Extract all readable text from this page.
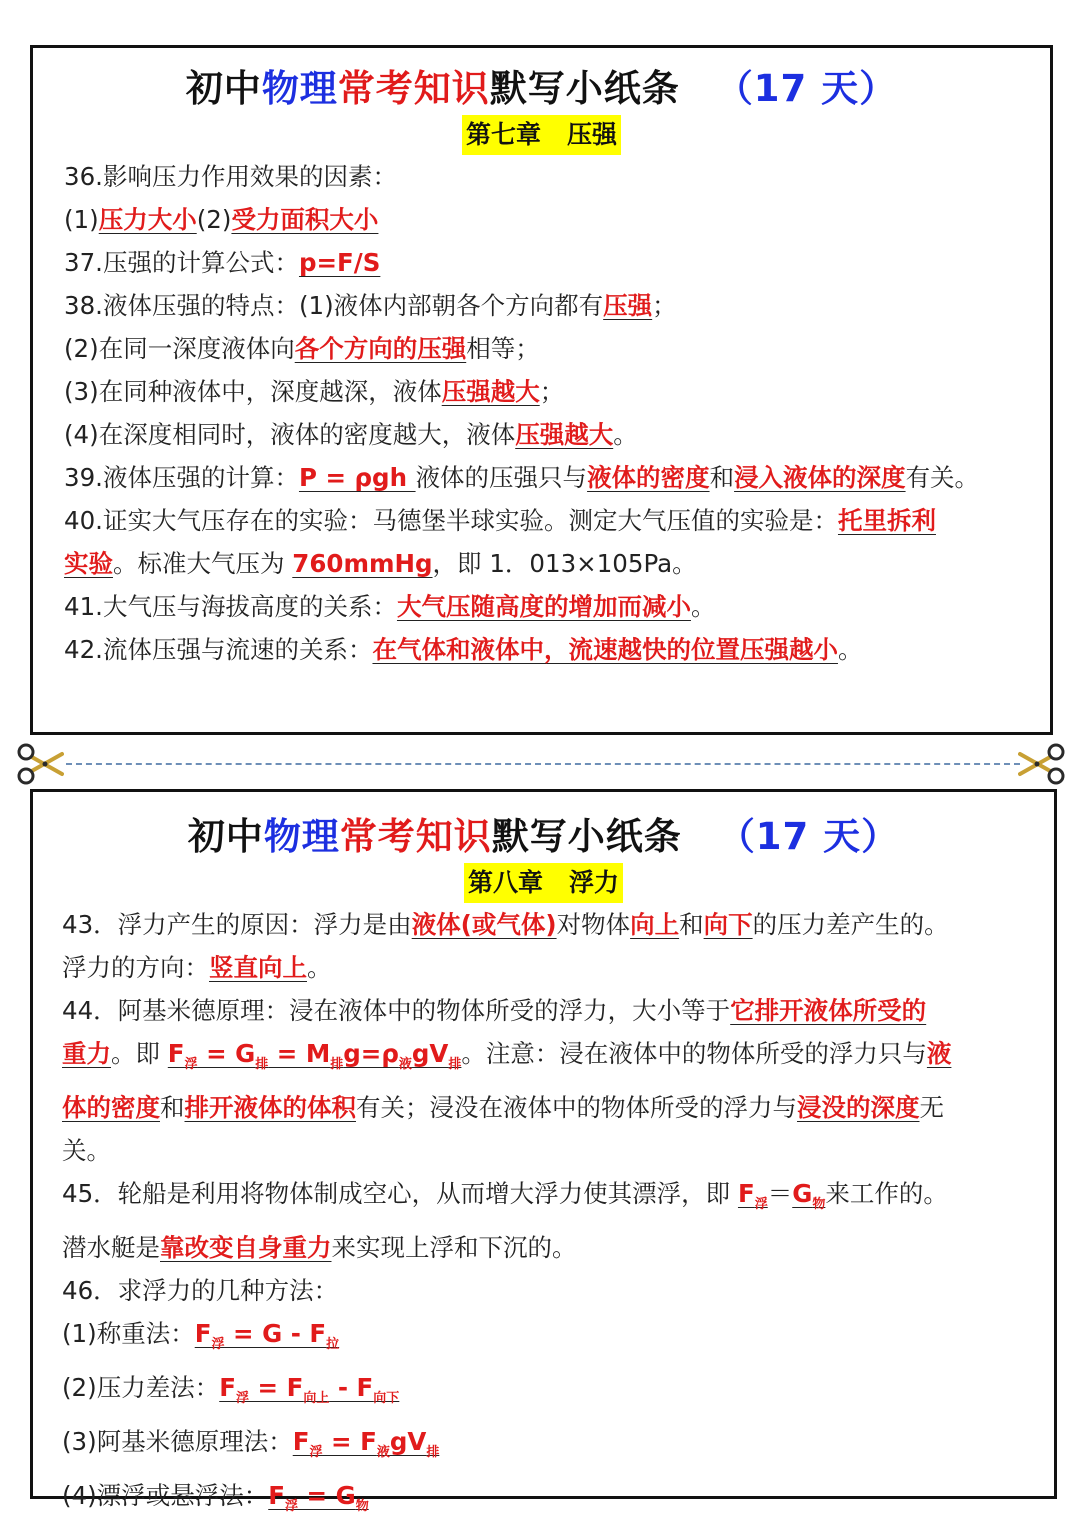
初中物理常考知识默写小纸条 （17 天）
第七章   压强
36.影响压力作用效果的因素：
(1)压力大小(2)受力面积大小
37.压强的计算公式：p=F/S
38.液体压强的特点：(1)液体内部朝各个方向都有压强；
(2)在同一深度液体向各个方向的压强相等；
(3)在同种液体中，深度越深，液体压强越大；
(4)在深度相同时，液体的密度越大，液体压强越大。
39.液体压强的计算：P = ρgh 液体的压强只与液体的密度和浸入液体的深度有关。
40.证实大气压存在的实验：马德堡半球实验。测定大气压值的实验是：托里拆利
实验。标准大气压为 760mmHg，即 1．013×105Pa。
41.大气压与海拔高度的关系：大气压随高度的增加而减小。
42.流体压强与流速的关系：在气体和液体中，流速越快的位置压强越小。
初中物理常考知识默写小纸条 （17 天）
第八章   浮力
43．浮力产生的原因：浮力是由液体(或气体)对物体向上和向下的压力差产生的。
浮力的方向：竖直向上。
44．阿基米德原理：浸在液体中的物体所受的浮力，大小等于它排开液体所受的
重力。即 $F_浮 = G_排 = M_排g=\rho_液gV_排$。注意：浸在液体中的物体所受的浮力只与液
体的密度和排开液体的体积有关；浸没在液体中的物体所受的浮力与浸没的深度无
关。
45．轮船是利用将物体制成空心，从而增大浮力使其漂浮，即 $F_浮=G_物$来工作的。
潜水艇是靠改变自身重力来实现上浮和下沉的。
46．求浮力的几种方法：
(1)称重法：$F_浮 = G - F_拉$
(2)压力差法：$F_浮 = F_{向上} - F_{向下}$
(3)阿基米德原理法：$F_浮 = F_液gV_排$
(4)漂浮或悬浮法：$F_浮 = G_物$
